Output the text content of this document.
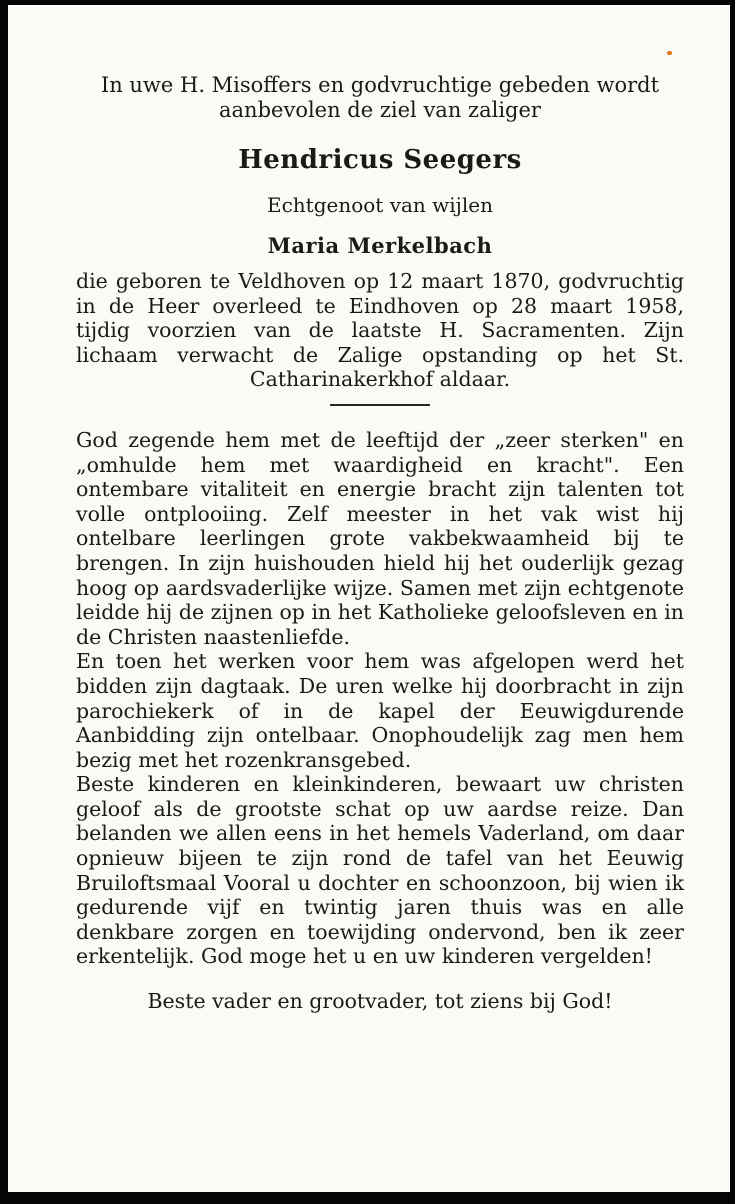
In uwe H. Misoffers en godvruchtige gebeden wordt aanbevolen de ziel van zaliger

Hendricus Seegers
Echtgenoot van wijlen
Maria Merkelbach

die geboren te Veldhoven op 12 maart 1870, godvruchtig in de Heer overleed te Eindhoven op 28 maart 1958, tijdig voorzien van de laatste H. Sacramenten. Zijn lichaam verwacht de Zalige opstanding op het St. Catharinakerkhof aldaar.

God zegende hem met de leeftijd der „zeer sterken" en „omhulde hem met waardigheid en kracht". Een ontembare vitaliteit en energie bracht zijn talenten tot volle ontplooiing. Zelf meester in het vak wist hij ontelbare leerlingen grote vakbekwaamheid bij te brengen. In zijn huishouden hield hij het ouderlijk gezag hoog op aardsvaderlijke wijze. Samen met zijn echtgenote leidde hij de zijnen op in het Katholieke geloofsleven en in de Christen naastenliefde.

En toen het werken voor hem was afgelopen werd het bidden zijn dagtaak. De uren welke hij doorbracht in zijn parochiekerk of in de kapel der Eeuwigdurende Aanbidding zijn ontelbaar. Onophoudelijk zag men hem bezig met het rozenkransgebed.

Beste kinderen en kleinkinderen, bewaart uw christen geloof als de grootste schat op uw aardse reize. Dan belanden we allen eens in het hemels Vaderland, om daar opnieuw bijeen te zijn rond de tafel van het Eeuwig Bruiloftsmaal Vooral u dochter en schoonzoon, bij wien ik gedurende vijf en twintig jaren thuis was en alle denkbare zorgen en toewijding ondervond, ben ik zeer erkentelijk. God moge het u en uw kinderen vergelden!

Beste vader en grootvader, tot ziens bij God!
